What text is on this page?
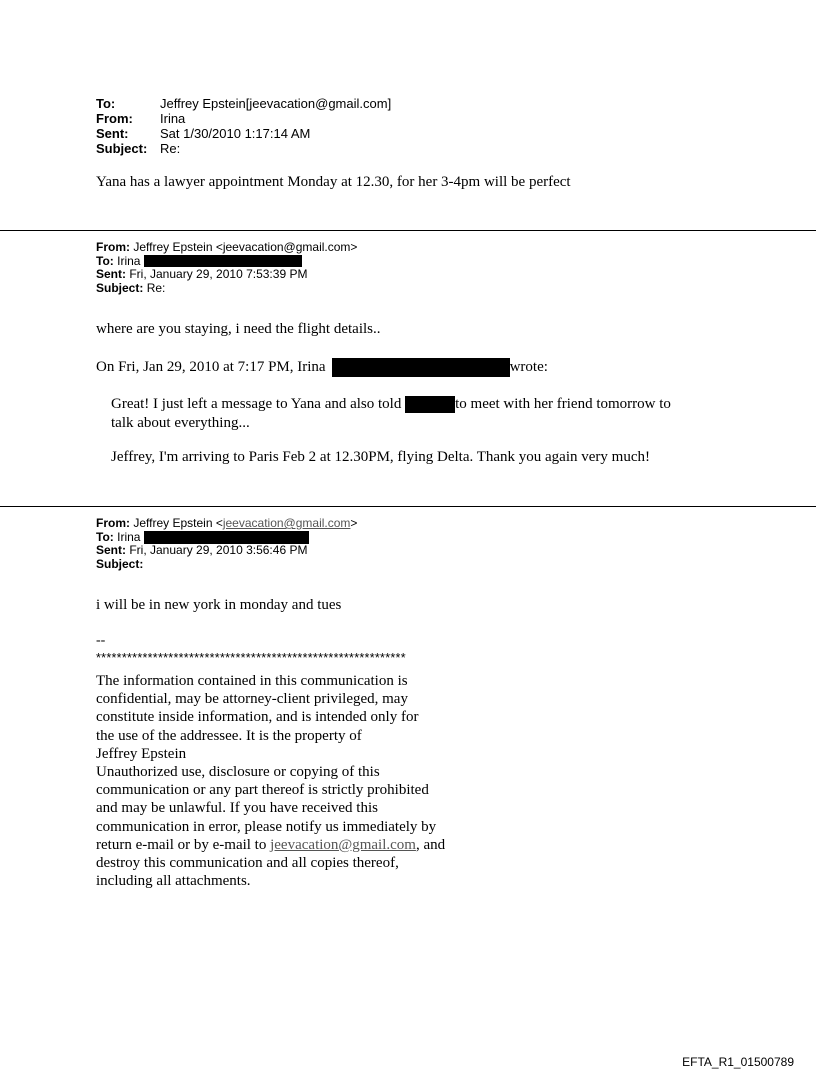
To:	Jeffrey Epstein[jeevacation@gmail.com]
From:	Irina
Sent:	Sat 1/30/2010 1:17:14 AM
Subject: Re:
Yana has a lawyer appointment Monday at 12.30, for her 3-4pm will be perfect
From: Jeffrey Epstein <jeevacation@gmail.com>
To: Irina
Sent: Fri, January 29, 2010 7:53:39 PM
Subject: Re:
where are you staying, i need the flight details..
On Fri, Jan 29, 2010 at 7:17 PM, Irina	wrote:
Great! I just left a message to Yana and also told	to meet with her friend tomorrow to
talk about everything...
Jeffrey, I'm arriving to Paris Feb 2 at 12.30PM, flying Delta. Thank you again very much!
From: Jeffrey Epstein <jeevacation@gmail.com>
To: Irina
Sent: Fri, January 29, 2010 3:56:46 PM
Subject:
i will be in new york in monday and tues
--
************************************************************
The information contained in this communication is
confidential, may be attorney-client privileged, may
constitute inside information, and is intended only for
the use of the addressee. It is the property of
Jeffrey Epstein
Unauthorized use, disclosure or copying of this
communication or any part thereof is strictly prohibited
and may be unlawful. If you have received this
communication in error, please notify us immediately by
return e-mail or by e-mail to jeevacation@gmail.com, and
destroy this communication and all copies thereof,
including all attachments.
EFTA_R1_01500789
